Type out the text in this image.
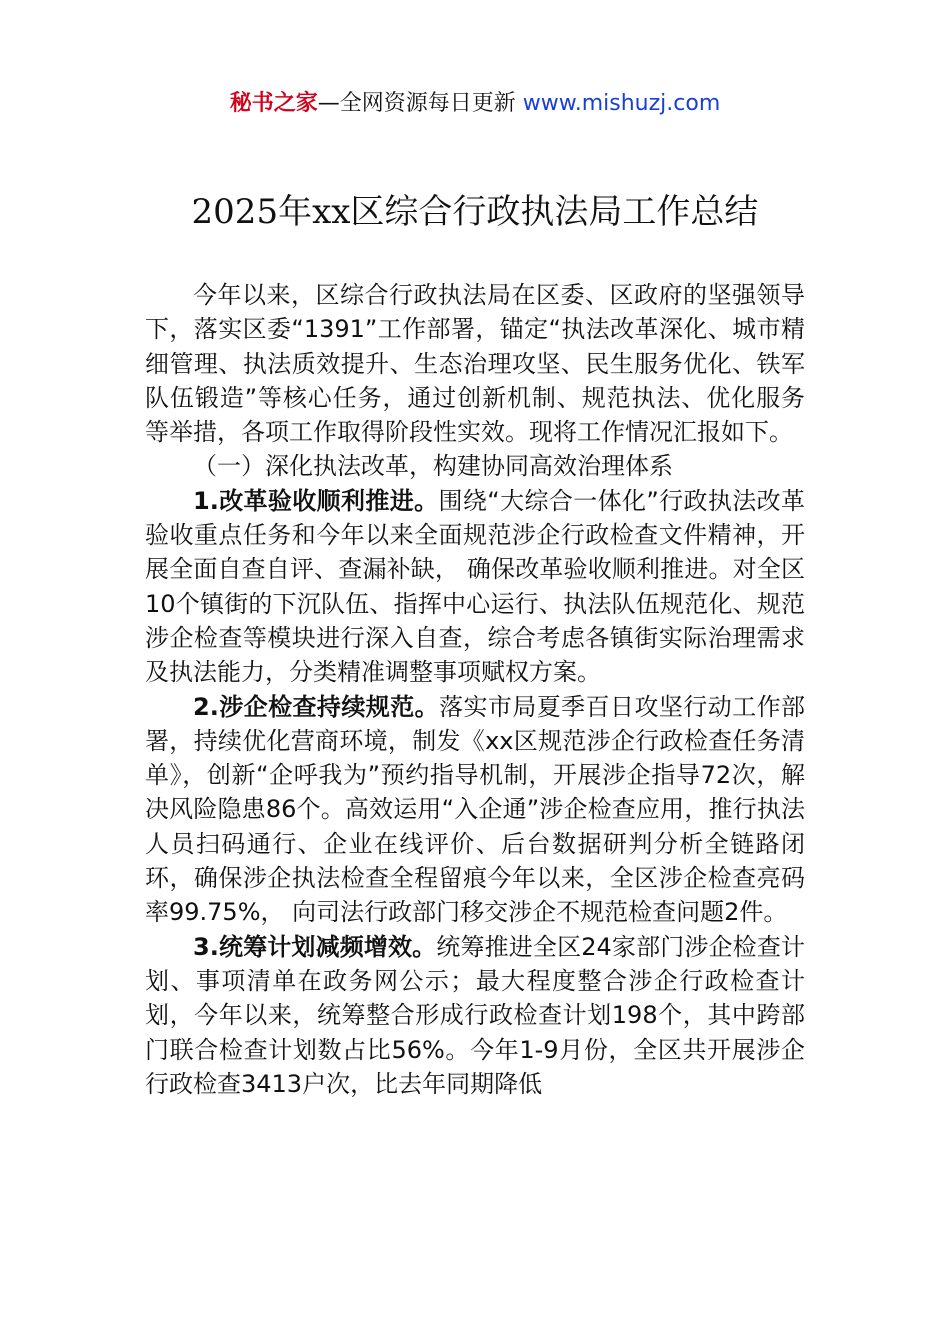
秘书之家—全网资源每日更新 www.mishuzj.com
2025年xx区综合行政执法局工作总结

今年以来，区综合行政执法局在区委、区政府的坚强领导下，落实区委“1391”工作部署，锚定“执法改革深化、城市精细管理、执法质效提升、生态治理攻坚、民生服务优化、铁军队伍锻造”等核心任务，通过创新机制、规范执法、优化服务等举措，各项工作取得阶段性实效。现将工作情况汇报如下。

（一）深化执法改革，构建协同高效治理体系

1.改革验收顺利推进。围绕“大综合一体化”行政执法改革验收重点任务和今年以来全面规范涉企行政检查文件精神，开展全面自查自评、查漏补缺， 确保改革验收顺利推进。对全区10个镇街的下沉队伍、指挥中心运行、执法队伍规范化、规范涉企检查等模块进行深入自查，综合考虑各镇街实际治理需求及执法能力，分类精准调整事项赋权方案。

2.涉企检查持续规范。落实市局夏季百日攻坚行动工作部署，持续优化营商环境，制发《xx区规范涉企行政检查任务清单》，创新“企呼我为”预约指导机制，开展涉企指导72次，解决风险隐患86个。高效运用“入企通”涉企检查应用，推行执法人员扫码通行、企业在线评价、后台数据研判分析全链路闭环，确保涉企执法检查全程留痕今年以来，全区涉企检查亮码率99.75%， 向司法行政部门移交涉企不规范检查问题2件。

3.统筹计划减频增效。统筹推进全区24家部门涉企检查计划、事项清单在政务网公示；最大程度整合涉企行政检查计划，今年以来，统筹整合形成行政检查计划198个，其中跨部门联合检查计划数占比56%。今年1-9月份，全区共开展涉企行政检查3413户次，比去年同期降低
